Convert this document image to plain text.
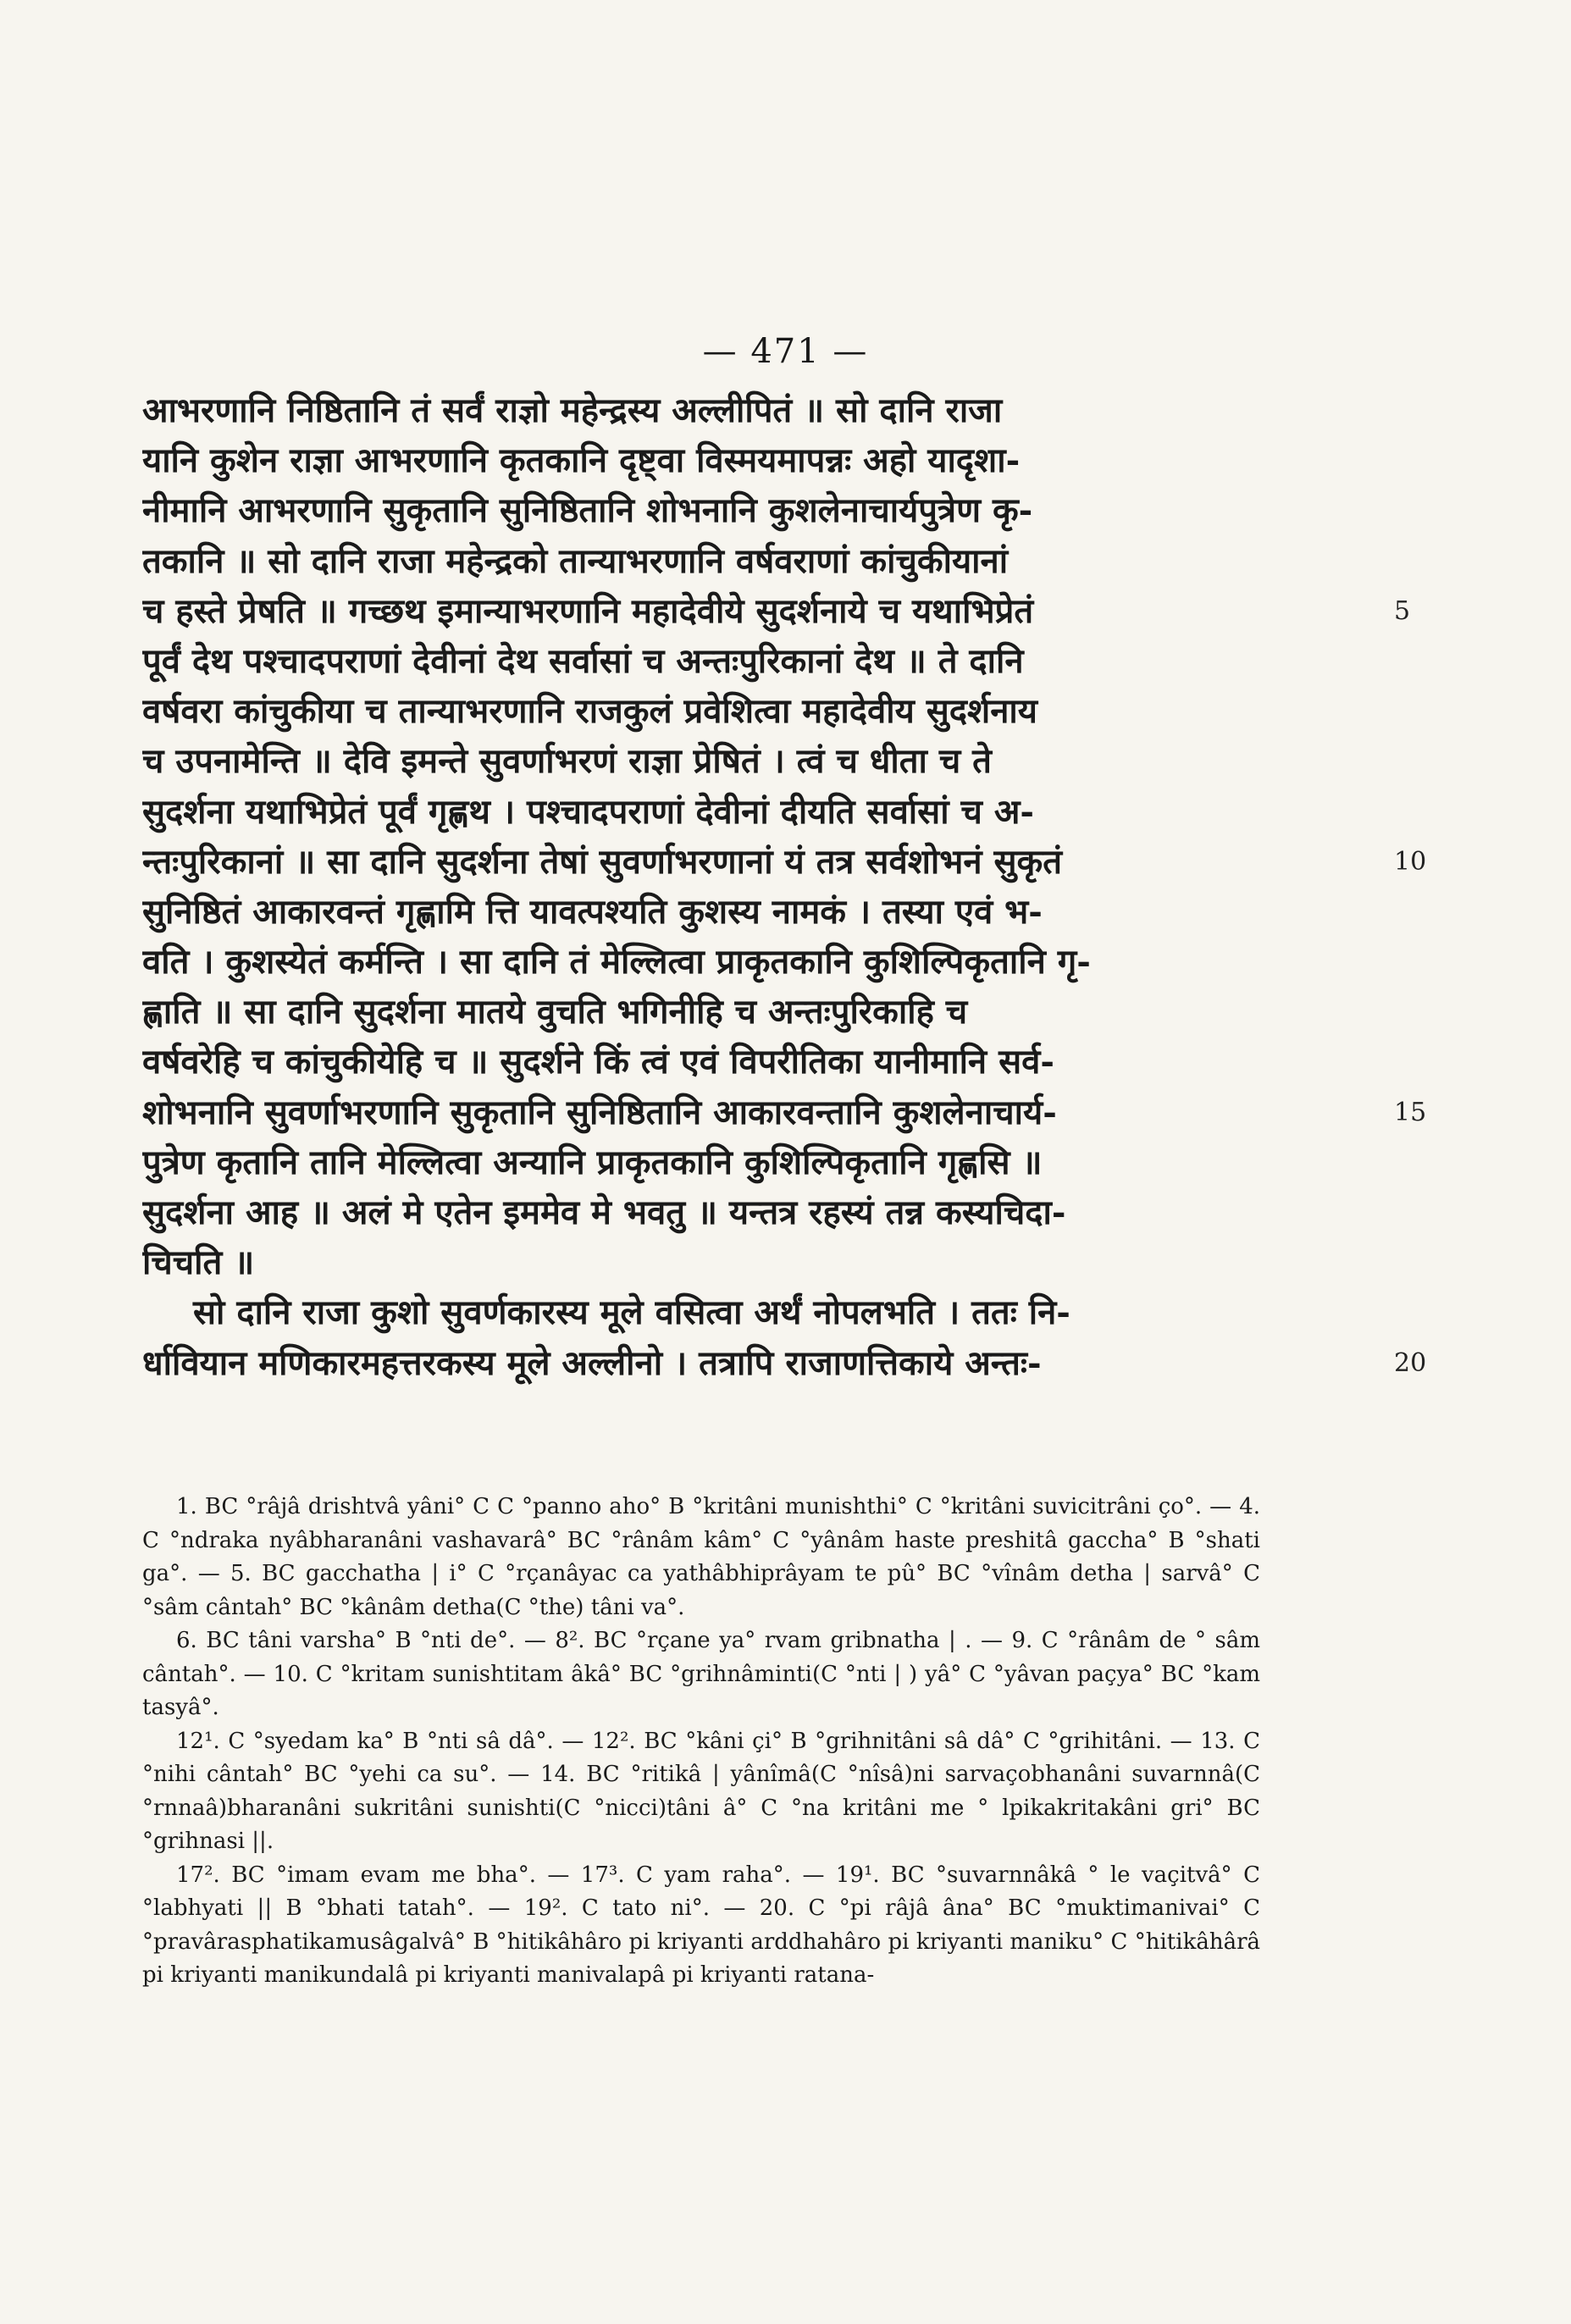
— 471 —
आभरणानि निष्ठितानि तं सर्वं राज्ञो महेन्द्रस्य अल्लीपितं ॥ सो दानि राजा
यानि कुशेन राज्ञा आभरणानि कृतकानि दृष्ट्वा विस्मयमापन्नः अहो यादृशा-
नीमानि आभरणानि सुकृतानि सुनिष्ठितानि शोभनानि कुशलेनाचार्यपुत्रेण कृ-
तकानि ॥ सो दानि राजा महेन्द्रको तान्याभरणानि वर्षवराणां कांचुकीयानां
च हस्ते प्रेषति ॥ गच्छथ इमान्याभरणानि महादेवीये सुदर्शनाये च यथाभिप्रेतं
पूर्वं देथ पश्चादपराणां देवीनां देथ सर्वासां च अन्तःपुरिकानां देथ ॥ ते दानि
वर्षवरा कांचुकीया च तान्याभरणानि राजकुलं प्रवेशित्वा महादेवीय सुदर्शनाय
च उपनामेन्ति ॥ देवि इमन्ते सुवर्णाभरणं राज्ञा प्रेषितं । त्वं च धीता च ते
सुदर्शना यथाभिप्रेतं पूर्वं गृह्णथ । पश्चादपराणां देवीनां दीयति सर्वासां च अ-
न्तःपुरिकानां ॥ सा दानि सुदर्शना तेषां सुवर्णाभरणानां यं तत्र सर्वशोभनं सुकृतं
सुनिष्ठितं आकारवन्तं गृह्णामि त्ति यावत्पश्यति कुशस्य नामकं । तस्या एवं भ-
वति । कुशस्येतं कर्मन्ति । सा दानि तं मेल्लित्वा प्राकृतकानि कुशिल्पिकृतानि गृ-
ह्णाति ॥ सा दानि सुदर्शना मातये वुचति भगिनीहि च अन्तःपुरिकाहि च
वर्षवरेहि च कांचुकीयेहि च ॥ सुदर्शने किं त्वं एवं विपरीतिका यानीमानि सर्व-
शोभनानि सुवर्णाभरणानि सुकृतानि सुनिष्ठितानि आकारवन्तानि कुशलेनाचार्य-
पुत्रेण कृतानि तानि मेल्लित्वा अन्यानि प्राकृतकानि कुशिल्पिकृतानि गृह्णसि ॥
सुदर्शना आह ॥ अलं मे एतेन इममेव मे भवतु ॥ यन्तत्र रहस्यं तन्न कस्यचिदा-
चिचति ॥
सो दानि राजा कुशो सुवर्णकारस्य मूले वसित्वा अर्थं नोपलभति । ततः नि-
र्धावियान मणिकारमहत्तरकस्य मूले अल्लीनो । तत्रापि राजाणत्तिकाये अन्तः-
5
10
15
20

1. BC °râjâ drishtvâ yâni° C C °panno aho° B °kritâni munishthi° C °kritâni suvicitrâni ço°. — 4. C °ndraka nyâbharanâni vashavarâ° BC °rânâm kâm° C °yânâm haste preshitâ gaccha° B °shati ga°. — 5. BC gacchatha | i° C °rçanâyac ca yathâbhiprâyam te pû° BC °vînâm detha | sarvâ° C °sâm cântah° BC °kânâm detha(C °the) tâni va°.

6. BC tâni varsha° B °nti de°. — 8². BC °rçane ya° rvam gribnatha | . — 9. C °rânâm de ° sâm cântah°. — 10. C °kritam sunishtitam âkâ° BC °grihnâminti(C °nti | ) yâ° C °yâvan paçya° BC °kam tasyâ°.

12¹. C °syedam ka° B °nti sâ dâ°. — 12². BC °kâni çi° B °grihnitâni sâ dâ° C °grihitâni. — 13. C °nihi cântah° BC °yehi ca su°. — 14. BC °ritikâ | yânîmâ(C °nîsâ)ni sarvaçobhanâni suvarnnâ(C °rnnaâ)bharanâni sukritâni sunishti(C °nicci)tâni â° C °na kritâni me ° lpikakritakâni gri° BC °grihnasi ||.

17². BC °imam evam me bha°. — 17³. C yam raha°. — 19¹. BC °suvarnnâkâ ° le vaçitvâ° C °labhyati || B °bhati tatah°. — 19². C tato ni°. — 20. C °pi râjâ âna° BC °muktimanivai° C °pravârasphatikamusâgalvâ° B °hitikâhâro pi kriyanti arddhahâro pi kriyanti maniku° C °hitikâhârâ pi kriyanti manikundalâ pi kriyanti manivalapâ pi kriyanti ratana-
